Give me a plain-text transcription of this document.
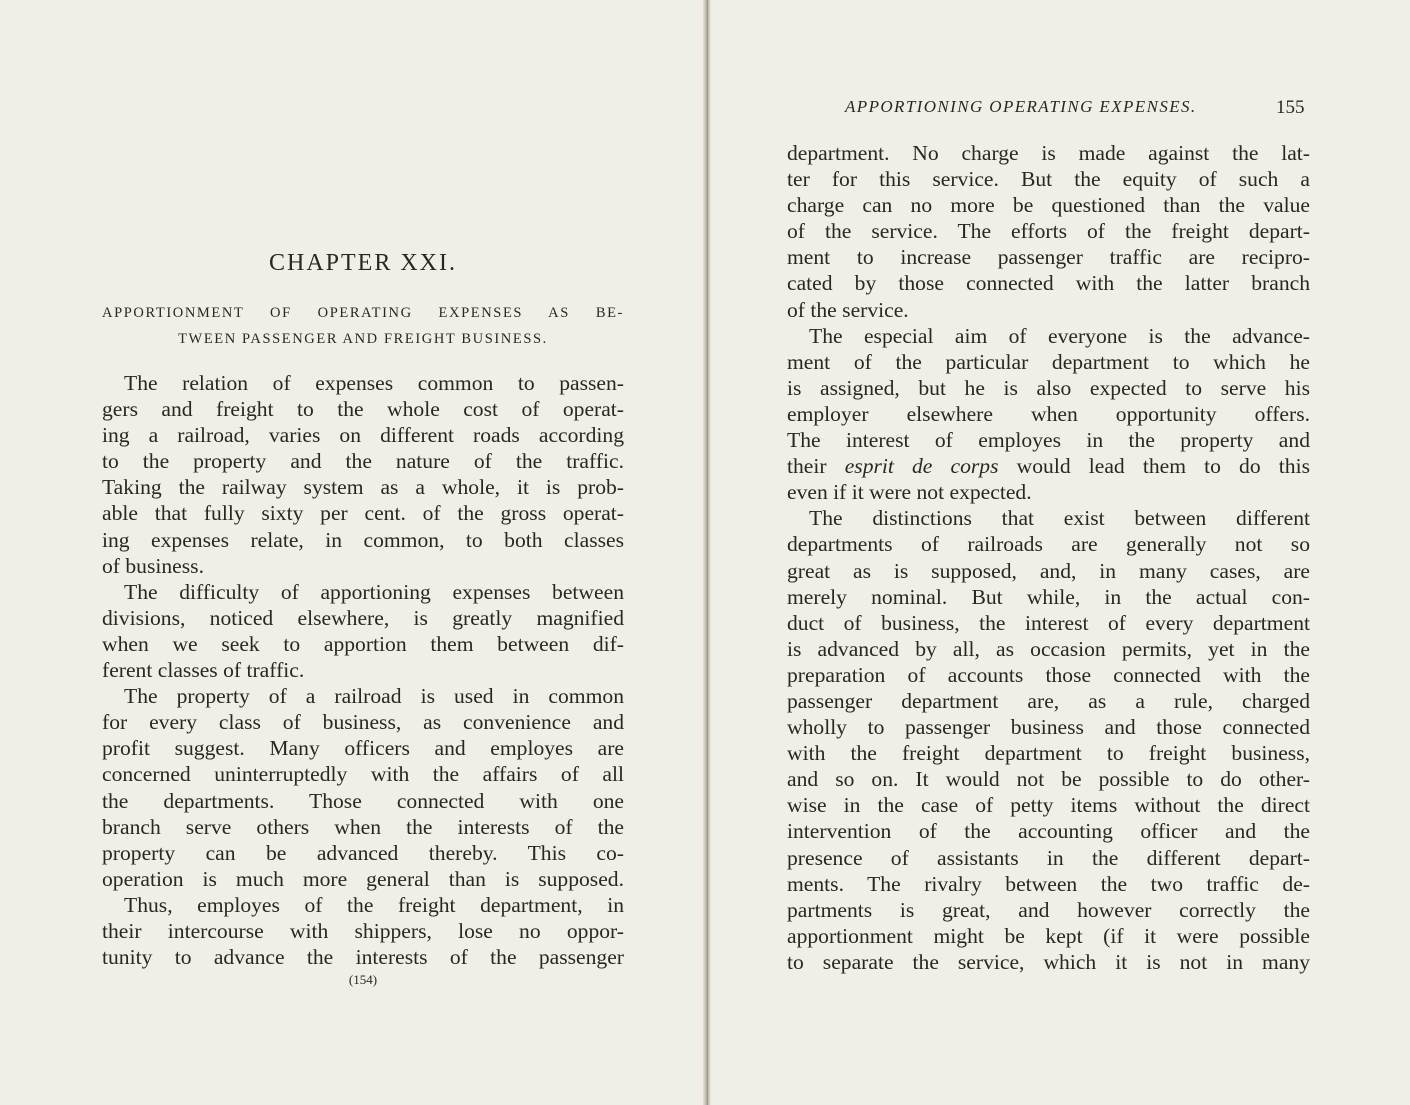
CHAPTER XXI.
APPORTIONMENT OF OPERATING EXPENSES AS BE-
TWEEN PASSENGER AND FREIGHT BUSINESS.
The relation of expenses common to passen-
gers and freight to the whole cost of operat-
ing a railroad, varies on different roads according
to the property and the nature of the traffic.
Taking the railway system as a whole, it is prob-
able that fully sixty per cent. of the gross operat-
ing expenses relate, in common, to both classes
of business.
The difficulty of apportioning expenses between
divisions, noticed elsewhere, is greatly magnified
when we seek to apportion them between dif-
ferent classes of traffic.
The property of a railroad is used in common
for every class of business, as convenience and
profit suggest. Many officers and employes are
concerned uninterruptedly with the affairs of all
the departments. Those connected with one
branch serve others when the interests of the
property can be advanced thereby. This co-
operation is much more general than is supposed.
Thus, employes of the freight department, in
their intercourse with shippers, lose no oppor-
tunity to advance the interests of the passenger
(154)
APPORTIONING OPERATING EXPENSES.	155
department. No charge is made against the lat-
ter for this service. But the equity of such a
charge can no more be questioned than the value
of the service. The efforts of the freight depart-
ment to increase passenger traffic are recipro-
cated by those connected with the latter branch
of the service.
The especial aim of everyone is the advance-
ment of the particular department to which he
is assigned, but he is also expected to serve his
employer elsewhere when opportunity offers.
The interest of employes in the property and
their esprit de corps would lead them to do this
even if it were not expected.
The distinctions that exist between different
departments of railroads are generally not so
great as is supposed, and, in many cases, are
merely nominal. But while, in the actual con-
duct of business, the interest of every department
is advanced by all, as occasion permits, yet in the
preparation of accounts those connected with the
passenger department are, as a rule, charged
wholly to passenger business and those connected
with the freight department to freight business,
and so on. It would not be possible to do other-
wise in the case of petty items without the direct
intervention of the accounting officer and the
presence of assistants in the different depart-
ments. The rivalry between the two traffic de-
partments is great, and however correctly the
apportionment might be kept (if it were possible
to separate the service, which it is not in many
